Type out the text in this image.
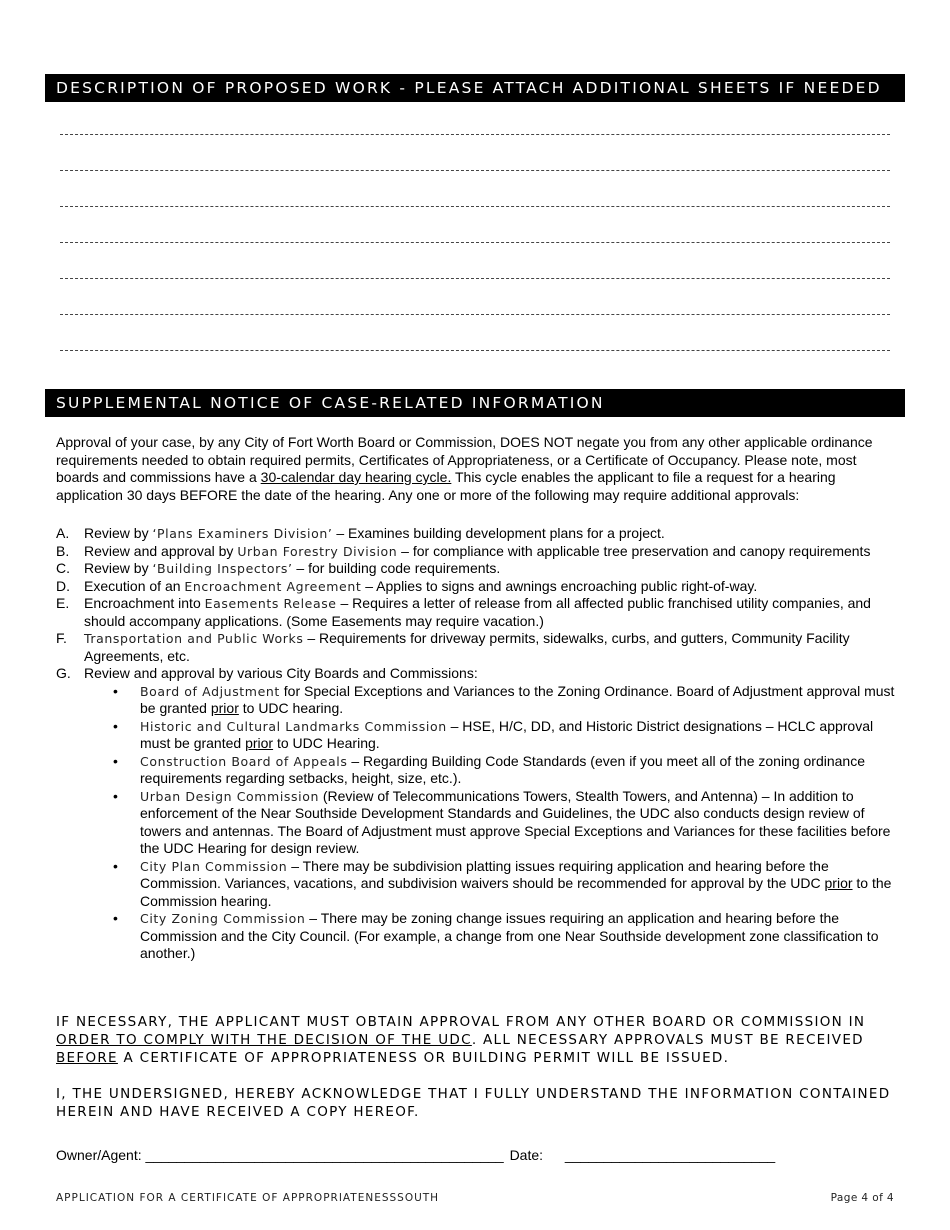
DESCRIPTION OF PROPOSED WORK - PLEASE ATTACH ADDITIONAL SHEETS IF NEEDED
SUPPLEMENTAL NOTICE OF CASE-RELATED INFORMATION
Approval of your case, by any City of Fort Worth Board or Commission, DOES NOT negate you from any other applicable ordinance requirements needed to obtain required permits, Certificates of Appropriateness, or a Certificate of Occupancy. Please note, most boards and commissions have a 30-calendar day hearing cycle. This cycle enables the applicant to file a request for a hearing application 30 days BEFORE the date of the hearing. Any one or more of the following may require additional approvals:
A. Review by ‘Plans Examiners Division’ – Examines building development plans for a project.
B. Review and approval by Urban Forestry Division – for compliance with applicable tree preservation and canopy requirements
C. Review by ‘Building Inspectors’ – for building code requirements.
D. Execution of an Encroachment Agreement – Applies to signs and awnings encroaching public right-of-way.
E. Encroachment into Easements Release – Requires a letter of release from all affected public franchised utility companies, and should accompany applications. (Some Easements may require vacation.)
F. Transportation and Public Works – Requirements for driveway permits, sidewalks, curbs, and gutters, Community Facility Agreements, etc.
G. Review and approval by various City Boards and Commissions:
• Board of Adjustment for Special Exceptions and Variances to the Zoning Ordinance. Board of Adjustment approval must be granted prior to UDC hearing.
• Historic and Cultural Landmarks Commission – HSE, H/C, DD, and Historic District designations – HCLC approval must be granted prior to UDC Hearing.
• Construction Board of Appeals – Regarding Building Code Standards (even if you meet all of the zoning ordinance requirements regarding setbacks, height, size, etc.).
• Urban Design Commission (Review of Telecommunications Towers, Stealth Towers, and Antenna) – In addition to enforcement of the Near Southside Development Standards and Guidelines, the UDC also conducts design review of towers and antennas. The Board of Adjustment must approve Special Exceptions and Variances for these facilities before the UDC Hearing for design review.
• City Plan Commission – There may be subdivision platting issues requiring application and hearing before the Commission. Variances, vacations, and subdivision waivers should be recommended for approval by the UDC prior to the Commission hearing.
• City Zoning Commission – There may be zoning change issues requiring an application and hearing before the Commission and the City Council. (For example, a change from one Near Southside development zone classification to another.)
IF NECESSARY, THE APPLICANT MUST OBTAIN APPROVAL FROM ANY OTHER BOARD OR COMMISSION IN ORDER TO COMPLY WITH THE DECISION OF THE UDC. ALL NECESSARY APPROVALS MUST BE RECEIVED BEFORE A CERTIFICATE OF APPROPRIATENESS OR BUILDING PERMIT WILL BE ISSUED.
I, THE UNDERSIGNED, HEREBY ACKNOWLEDGE THAT I FULLY UNDERSTAND THE INFORMATION CONTAINED HEREIN AND HAVE RECEIVED A COPY HEREOF.
Owner/Agent: ______________________________________________ Date: ___________________________
APPLICATION FOR A CERTIFICATE OF APPROPRIATENESSSOUTH	Page 4 of 4
